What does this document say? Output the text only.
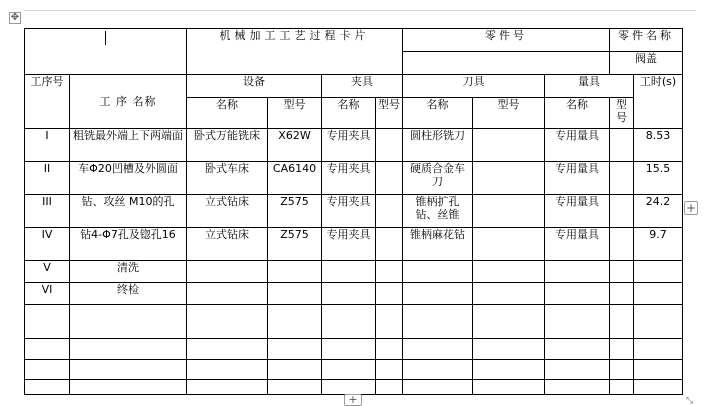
✥
		机械加工工艺过程卡片				零件号			零件名称	
									阀盖	
工序号	工 序 名称	设备		夹具		刀具		量具		工时(s)
		名称	型号	名称	型号	名称	型号	名称	型号	
I	粗铣最外端上下两端面	卧式万能铣床	X62W	专用夹具		圆柱形铣刀		专用量具		8.53
II	车Φ20凹槽及外圆面	卧式车床	CA6140	专用夹具		硬质合金车刀		专用量具		15.5
III	钻、攻丝 M10的孔	立式钻床	Z575	专用夹具		锥柄扩孔钻、丝锥		专用量具		24.2
IV	钻4-Φ7孔及锪孔16	立式钻床	Z575	专用夹具		锥柄麻花钻		专用量具		9.7
V	清洗									
VI	终检									

+
+	⤡
